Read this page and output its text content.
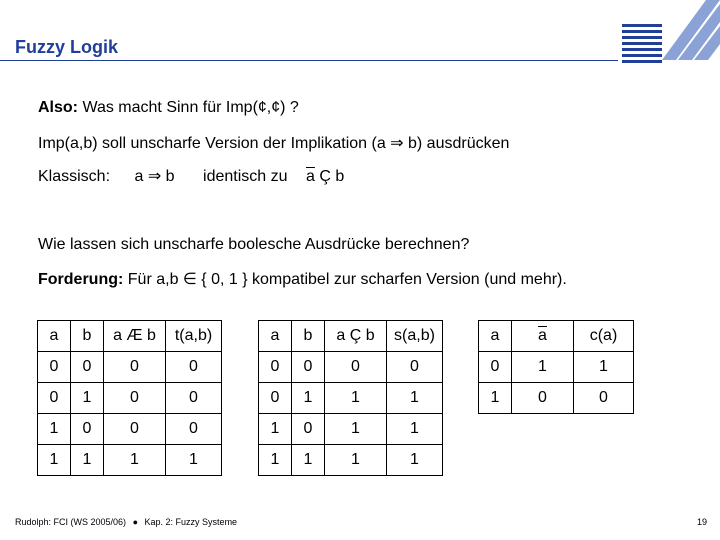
Fuzzy Logik
Also: Was macht Sinn für Imp(¢,¢) ?
Imp(a,b) soll unscharfe Version der Implikation (a ⇒ b) ausdrücken
Klassisch: a ⇒ b identisch zu $\overline{a}$ Ç b
Wie lassen sich unscharfe boolesche Ausdrücke berechnen?
Forderung: Für a,b ∈ { 0, 1 } kompatibel zur scharfen Version (und mehr).
a	b	a Æ b	t(a,b)
0	0	0	0
0	1	0	0
1	0	0	0
1	1	1	1
a	b	a Ç b	s(a,b)
0	0	0	0
0	1	1	1
1	0	1	1
1	1	1	1
a	$\overline{a}$	c(a)
0	1	1
1	0	0
Rudolph: FCI (WS 2005/06) ● Kap. 2: Fuzzy Systeme	19
